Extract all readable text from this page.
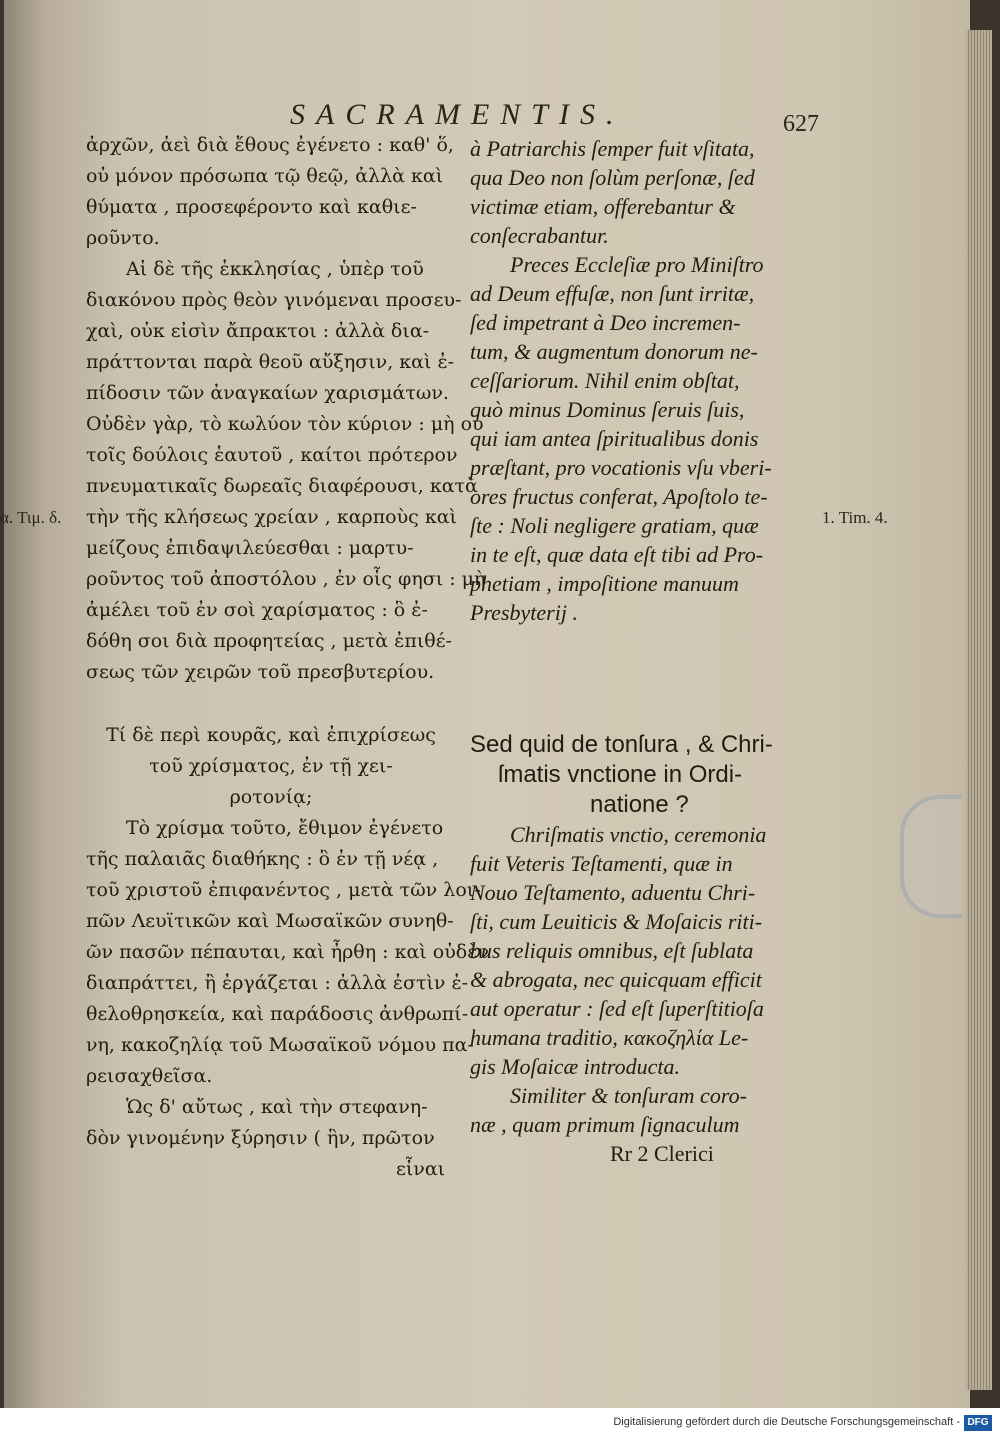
SACRAMENTIS.	627
α. Τιμ. δ.	1. Tim. 4.

ἀρχῶν, ἀεὶ διὰ ἔθους ἐγένετο : καθ' ὅ,

οὐ μόνον πρόσωπα τῷ θεῷ, ἀλλὰ καὶ

θύματα , προσεφέροντο καὶ καθιε-

ροῦντο.

Αἱ δὲ τῆς ἐκκλησίας , ὑπὲρ τοῦ

διακόνου πρὸς θεὸν γινόμεναι προσευ-

χαὶ, οὐκ εἰσὶν ἄπρακτοι : ἀλλὰ δια-

πράττονται παρὰ θεοῦ αὔξησιν, καὶ ἐ-

πίδοσιν τῶν ἀναγκαίων χαρισμάτων.

Οὐδὲν γὰρ, τὸ κωλύον τὸν κύριον : μὴ οὐ

τοῖς δούλοις ἑαυτοῦ , καίτοι πρότερον

πνευματικαῖς δωρεαῖς διαφέρουσι, κατὰ

τὴν τῆς κλήσεως χρείαν , καρποὺς καὶ

μείζους ἐπιδαψιλεύεσθαι : μαρτυ-

ροῦντος τοῦ ἀποστόλου , ἐν οἷς φησι : μὴ

ἀμέλει τοῦ ἐν σοὶ χαρίσματος : ὃ ἐ-

δόθη σοι διὰ προφητείας , μετὰ ἐπιθέ-

σεως τῶν χειρῶν τοῦ πρεσβυτερίου.

à Patriarchis ſemper fuit vſitata,

qua Deo non ſolùm perſonæ, ſed

victimæ etiam, offerebantur &

conſecrabantur.

Preces Eccleſiæ pro Miniſtro

ad Deum effuſæ, non ſunt irritæ,

ſed impetrant à Deo incremen-

tum, & augmentum donorum ne-

ceſſariorum. Nihil enim obſtat,

quò minus Dominus ſeruis ſuis,

qui iam antea ſpiritualibus donis

præſtant, pro vocationis vſu vberi-

ores fructus conferat, Apoſtolo te-

ſte : Noli negligere gratiam, quæ

in te eſt, quæ data eſt tibi ad Pro-

phetiam , impoſitione manuum

Presbyterij .

Τί δὲ περὶ κουρᾶς, καὶ ἐπιχρίσεως

τοῦ χρίσματος, ἐν τῇ χει-

ροτονίᾳ;

Τὸ χρίσμα τοῦτο, ἔθιμον ἐγένετο

τῆς παλαιᾶς διαθήκης : ὃ ἐν τῇ νέᾳ ,

τοῦ χριστοῦ ἐπιφανέντος , μετὰ τῶν λοι-

πῶν Λευϊτικῶν καὶ Μωσαϊκῶν συνηθ-

ῶν πασῶν πέπαυται, καὶ ἦρθη : καὶ οὐδὲν

διαπράττει, ἢ ἐργάζεται : ἀλλὰ ἐστὶν ἐ-

θελοθρησκεία, καὶ παράδοσις ἀνθρωπί-

νη, κακοζηλίᾳ τοῦ Μωσαϊκοῦ νόμου πα-

ρεισαχθεῖσα.

Ὡς δ' αὔτως , καὶ τὴν στεφανη-

δὸν γινομένην ξύρησιν ( ἣν, πρῶτον

εἶναι

Sed quid de tonſura , & Chri-

ſmatis vnctione in Ordi-

natione ?

Chriſmatis vnctio, ceremonia

fuit Veteris Teſtamenti, quæ in

Nouo Teſtamento, aduentu Chri-

ſti, cum Leuiticis & Moſaicis riti-

bus reliquis omnibus, eſt ſublata

& abrogata, nec quicquam efficit

aut operatur : ſed eſt ſuperſtitioſa

humana traditio, κακοζηλία Le-

gis Moſaicæ introducta.

Similiter & tonſuram coro-

næ , quam primum ſignaculum

Rr 2 Clerici

Digitalisierung gefördert durch die Deutsche Forschungsgemeinschaft - DFG
